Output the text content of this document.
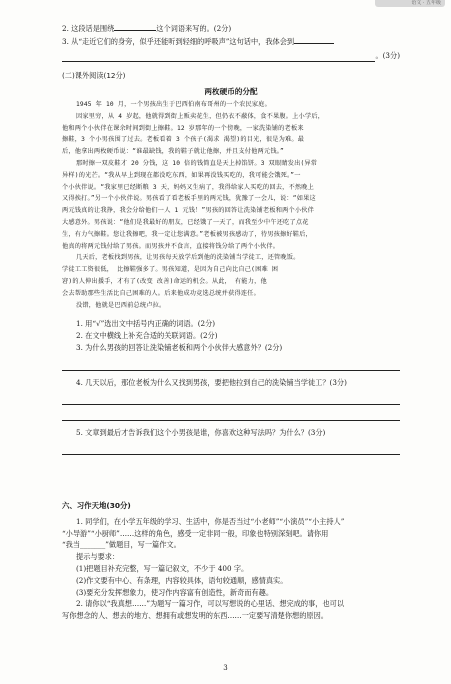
语文 · 五年级
2. 这段话是围绕	这个词语来写的。(2分)
3. 从“走近它们的身旁，似乎还能听到轻细的呼吸声”这句话中，我体会到
。(3分)
(二)课外阅读(12分)
两枚硬币的分配
1945 年 10 月，一个男孩出生于巴西伯南布哥州的一个农民家庭。
因家里穷，从 4 岁起，他就得到街上贩卖花生，但仍衣不蔽体，食不果腹。上小学后，
他和两个小伙伴在课余时间到街上擦鞋。12 岁那年的一个傍晚，一家洗染铺的老板来
擦鞋，3 个小男孩围了过去。老板看着 3 个孩子(渴求 渴望)的目光，很是为难。最
后，他拿出两枚硬币说：“谁最缺钱，我的鞋子就让他擦，并且支付他两元钱。”
那时擦一双皮鞋才 20 分钱，这 10 倍的钱简直是天上掉馅饼。3 双眼睛发出(异常
异样)的光芒。“我从早上到现在都没吃东西，如果再没钱买吃的，我可能会饿死。”一
个小伙伴说。“我家里已经断粮 3 天，妈妈又生病了，我得给家人买吃的回去，不然晚上
又得挨打。”另一个小伙伴说。男孩看了看老板手里的两元钱，犹豫了一会儿，说：“如果这
两元钱真的让我挣，我会分给他们一人 1 元钱！”男孩的回答让洗染铺老板和两个小伙伴
大感意外。男孩说：“他们是我最好的朋友，已经饿了一天了，而我至少中午还吃了点花
生，有力气擦鞋。您让我擦吧，我一定让您满意。”老板被男孩感动了，待男孩擦好鞋后，
他真的将两元钱付给了男孩。而男孩并不食言，直接将钱分给了两个小伙伴。
几天后，老板找到男孩，让男孩每天放学后到他的洗染铺当学徒工，还管晚饭。
学徒工工资很低， 比擦鞋强多了。男孩知道，是因为自己向比自己(困难 困
窘)的人伸出援手，才有了(改变 改善)命运的机会。从此， 有能力，他
会去帮助那些生活比自己困难的人。后来他成功竞选总统并获得连任。
没错，他就是巴西前总统卢拉。
1. 用“√”选出文中括号内正确的词语。(2分)
2. 在文中横线上补充合适的关联词语。(2分)
3. 为什么男孩的回答让洗染铺老板和两个小伙伴大感意外？(2分)
4. 几天以后，那位老板为什么又找到男孩，要把他拉到自己的洗染铺当学徒工？(3分)
5. 文章到最后才告诉我们这个小男孩是谁，你喜欢这种写法吗？为什么？(3分)
六、习作天地(30分)
1. 同学们，在小学五年级的学习、生活中，你是否当过“小老师”“小演员”“小主持人”
“小导游”“小厨师”……这样的角色，感受一定非同一般，印象也特别深刻吧。请你用
“我当_______”做题目，写一篇作文。
提示与要求：
(1)把题目补充完整，写一篇记叙文，不少于 400 字。
(2)作文要有中心、有条理，内容较具体，语句较通顺，感情真实。
(3)要充分发挥想象力，使习作内容富有创造性，新奇而有趣。
2. 请你以“我真想……”为题写一篇习作，可以写想说的心里话、想完成的事，也可以
写你想念的人、想去的地方、想拥有或想发明的东西……一定要写清楚你想的原因。
3
